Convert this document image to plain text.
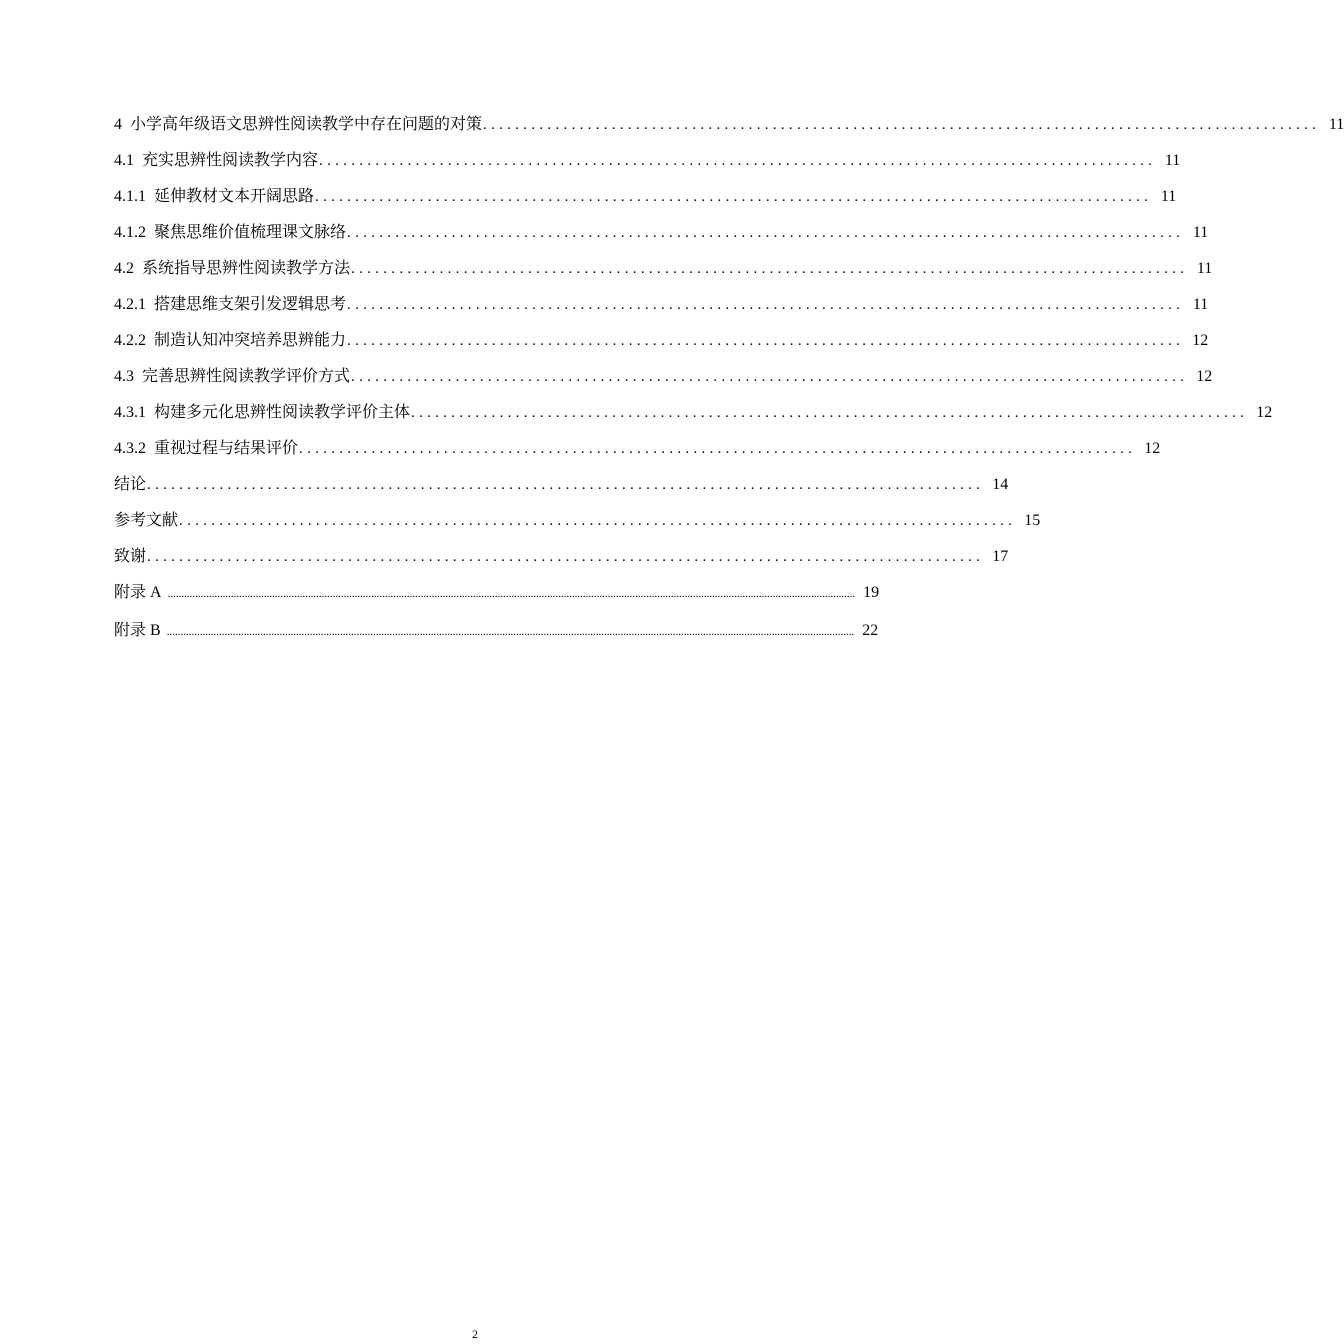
4 小学高年级语文思辨性阅读教学中存在问题的对策 ........................................................................................................ 11
4.1 充实思辨性阅读教学内容 ........................................................................................................ 11
4.1.1 延伸教材文本开阔思路 ........................................................................................................ 11
4.1.2 聚焦思维价值梳理课文脉络 ........................................................................................................ 11
4.2 系统指导思辨性阅读教学方法 ........................................................................................................ 11
4.2.1 搭建思维支架引发逻辑思考 ........................................................................................................ 11
4.2.2 制造认知冲突培养思辨能力 ........................................................................................................ 12
4.3 完善思辨性阅读教学评价方式 ........................................................................................................ 12
4.3.1 构建多元化思辨性阅读教学评价主体 ........................................................................................................ 12
4.3.2 重视过程与结果评价 ........................................................................................................ 12
结论 ........................................................................................................ 14
参考文献 ........................................................................................................ 15
致谢 ........................................................................................................ 17
附录 A .......................................................................................................................................................................................................................................................... 19
附录 B .......................................................................................................................................................................................................................................................... 22
2
